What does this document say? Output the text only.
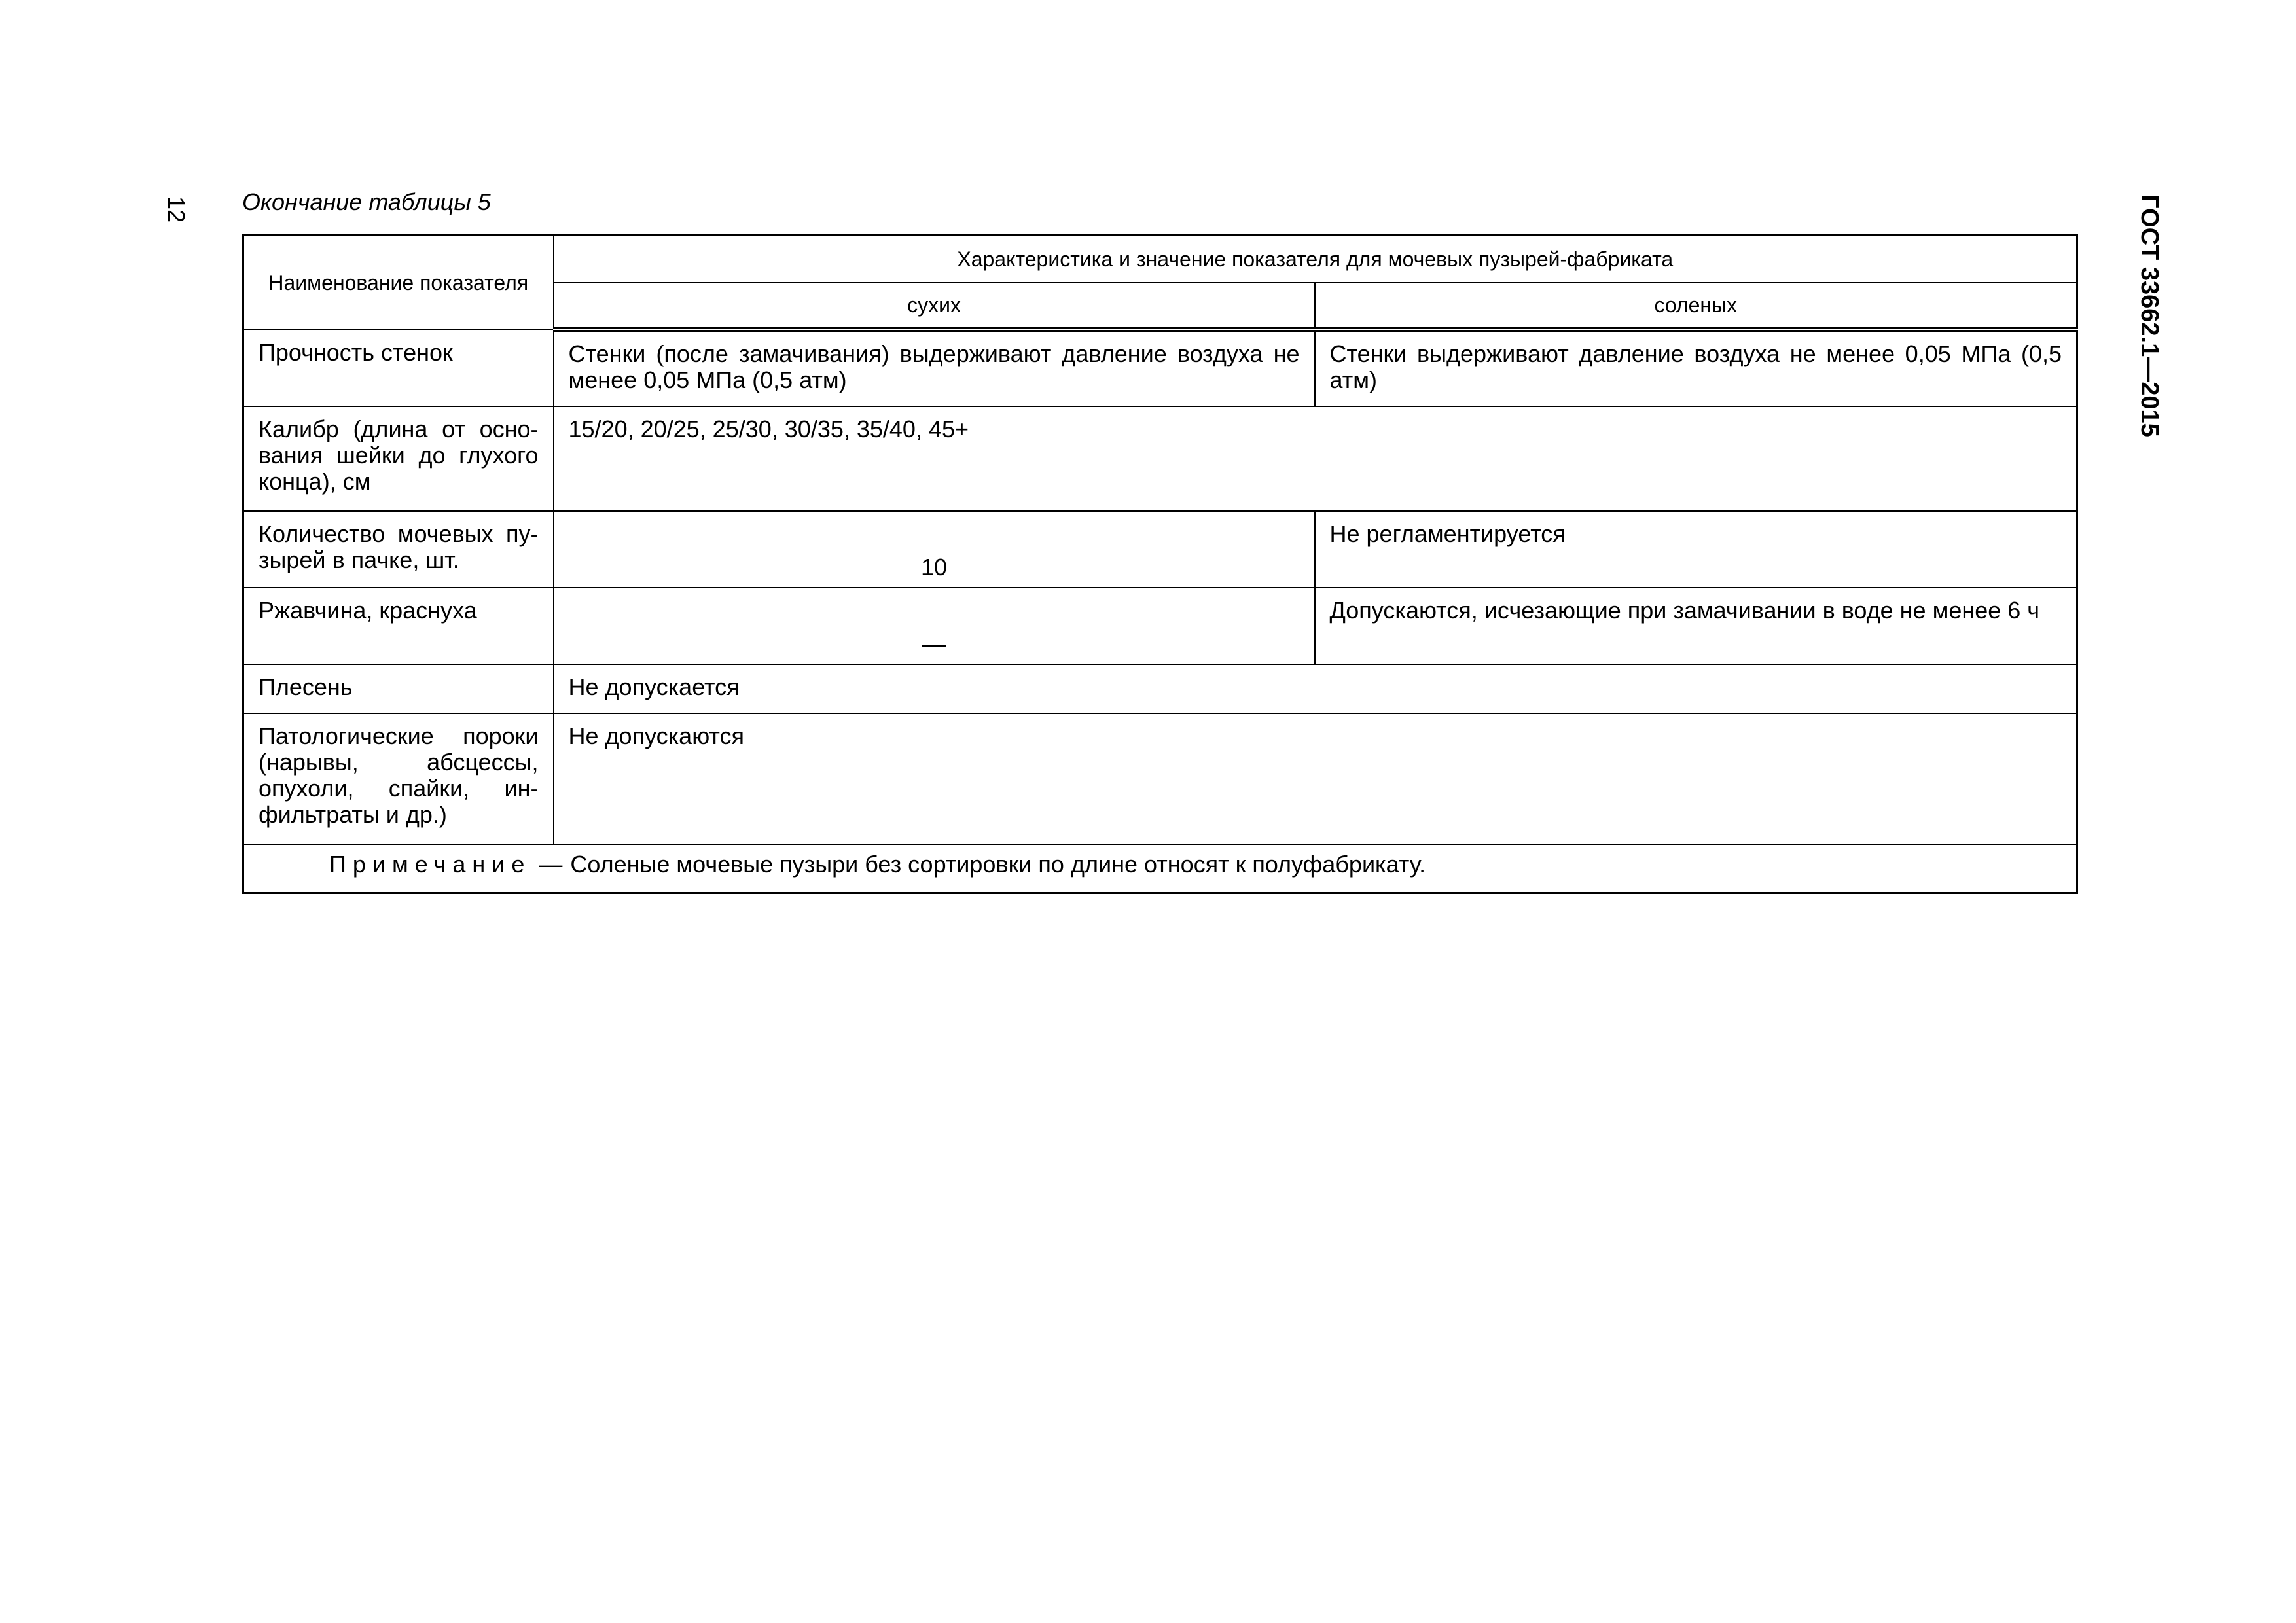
12	ГОСТ 33662.1—2015
Окончание таблицы 5
Наименование показателя	Характеристика и значение показателя для мочевых пузырей-фабриката	
	сухих	соленых
Прочность стенок	Стенки (после замачивания) выдерживают давление воздуха не менее 0,05 МПа (0,5 атм)	Стенки выдерживают давление воздуха не менее 0,05 МПа (0,5 атм)
Калибр (длина от основания шейки до глухого конца), см	15/20, 20/25, 25/30, 30/35, 35/40, 45+	
Количество мочевых пузырей в пачке, шт.	10	Не регламентируется
Ржавчина, краснуха	—	Допускаются, исчезающие при замачивании в воде не менее 6 ч
Плесень	Не допускается	
Патологические пороки (нарывы, абсцессы, опухоли, спайки, инфильтраты и др.)	Не допускаются	
Примечание — Соленые мочевые пузыри без сортировки по длине относят к полуфабрикату.		
